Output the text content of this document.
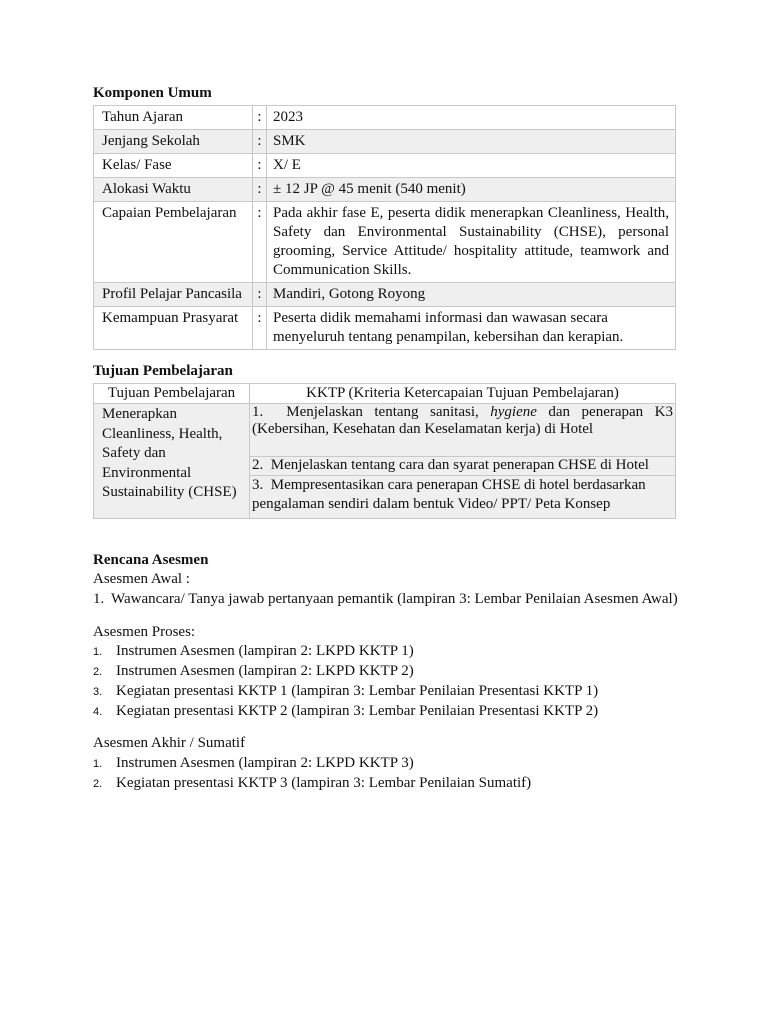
Komponen Umum

Tahun Ajaran	:	2023
Jenjang Sekolah	:	SMK
Kelas/ Fase	:	X/ E
Alokasi Waktu	:	± 12 JP @ 45 menit (540 menit)
Capaian Pembelajaran	:	Pada akhir fase E, peserta didik menerapkan Cleanliness, Health, Safety dan Environmental Sustainability (CHSE), personal grooming, Service Attitude/ hospitality attitude, teamwork and Communication Skills.
Profil Pelajar Pancasila	:	Mandiri, Gotong Royong
Kemampuan Prasyarat	:	Peserta didik memahami informasi dan wawasan secara menyeluruh tentang penampilan, kebersihan dan kerapian.

Tujuan Pembelajaran

Tujuan Pembelajaran	KKTP (Kriteria Ketercapaian Tujuan Pembelajaran)
Menerapkan Cleanliness, Health, Safety dan Environmental Sustainability (CHSE)	1. Menjelaskan tentang sanitasi, hygiene dan penerapan K3 (Kebersihan, Kesehatan dan Keselamatan kerja) di Hotel
	2. Menjelaskan tentang cara dan syarat penerapan CHSE di Hotel
	3. Mempresentasikan cara penerapan CHSE di hotel berdasarkan pengalaman sendiri dalam bentuk Video/ PPT/ Peta Konsep

Rencana Asesmen

Asesmen Awal :

1. Wawancara/ Tanya jawab pertanyaan pemantik (lampiran 3: Lembar Penilaian Asesmen Awal)

Asesmen Proses:

1. Instrumen Asesmen (lampiran 2: LKPD KKTP 1)
2. Instrumen Asesmen (lampiran 2: LKPD KKTP 2)
3. Kegiatan presentasi KKTP 1 (lampiran 3: Lembar Penilaian Presentasi KKTP 1)
4. Kegiatan presentasi KKTP 2 (lampiran 3: Lembar Penilaian Presentasi KKTP 2)

Asesmen Akhir / Sumatif

1. Instrumen Asesmen (lampiran 2: LKPD KKTP 3)
2. Kegiatan presentasi KKTP 3 (lampiran 3: Lembar Penilaian Sumatif)
